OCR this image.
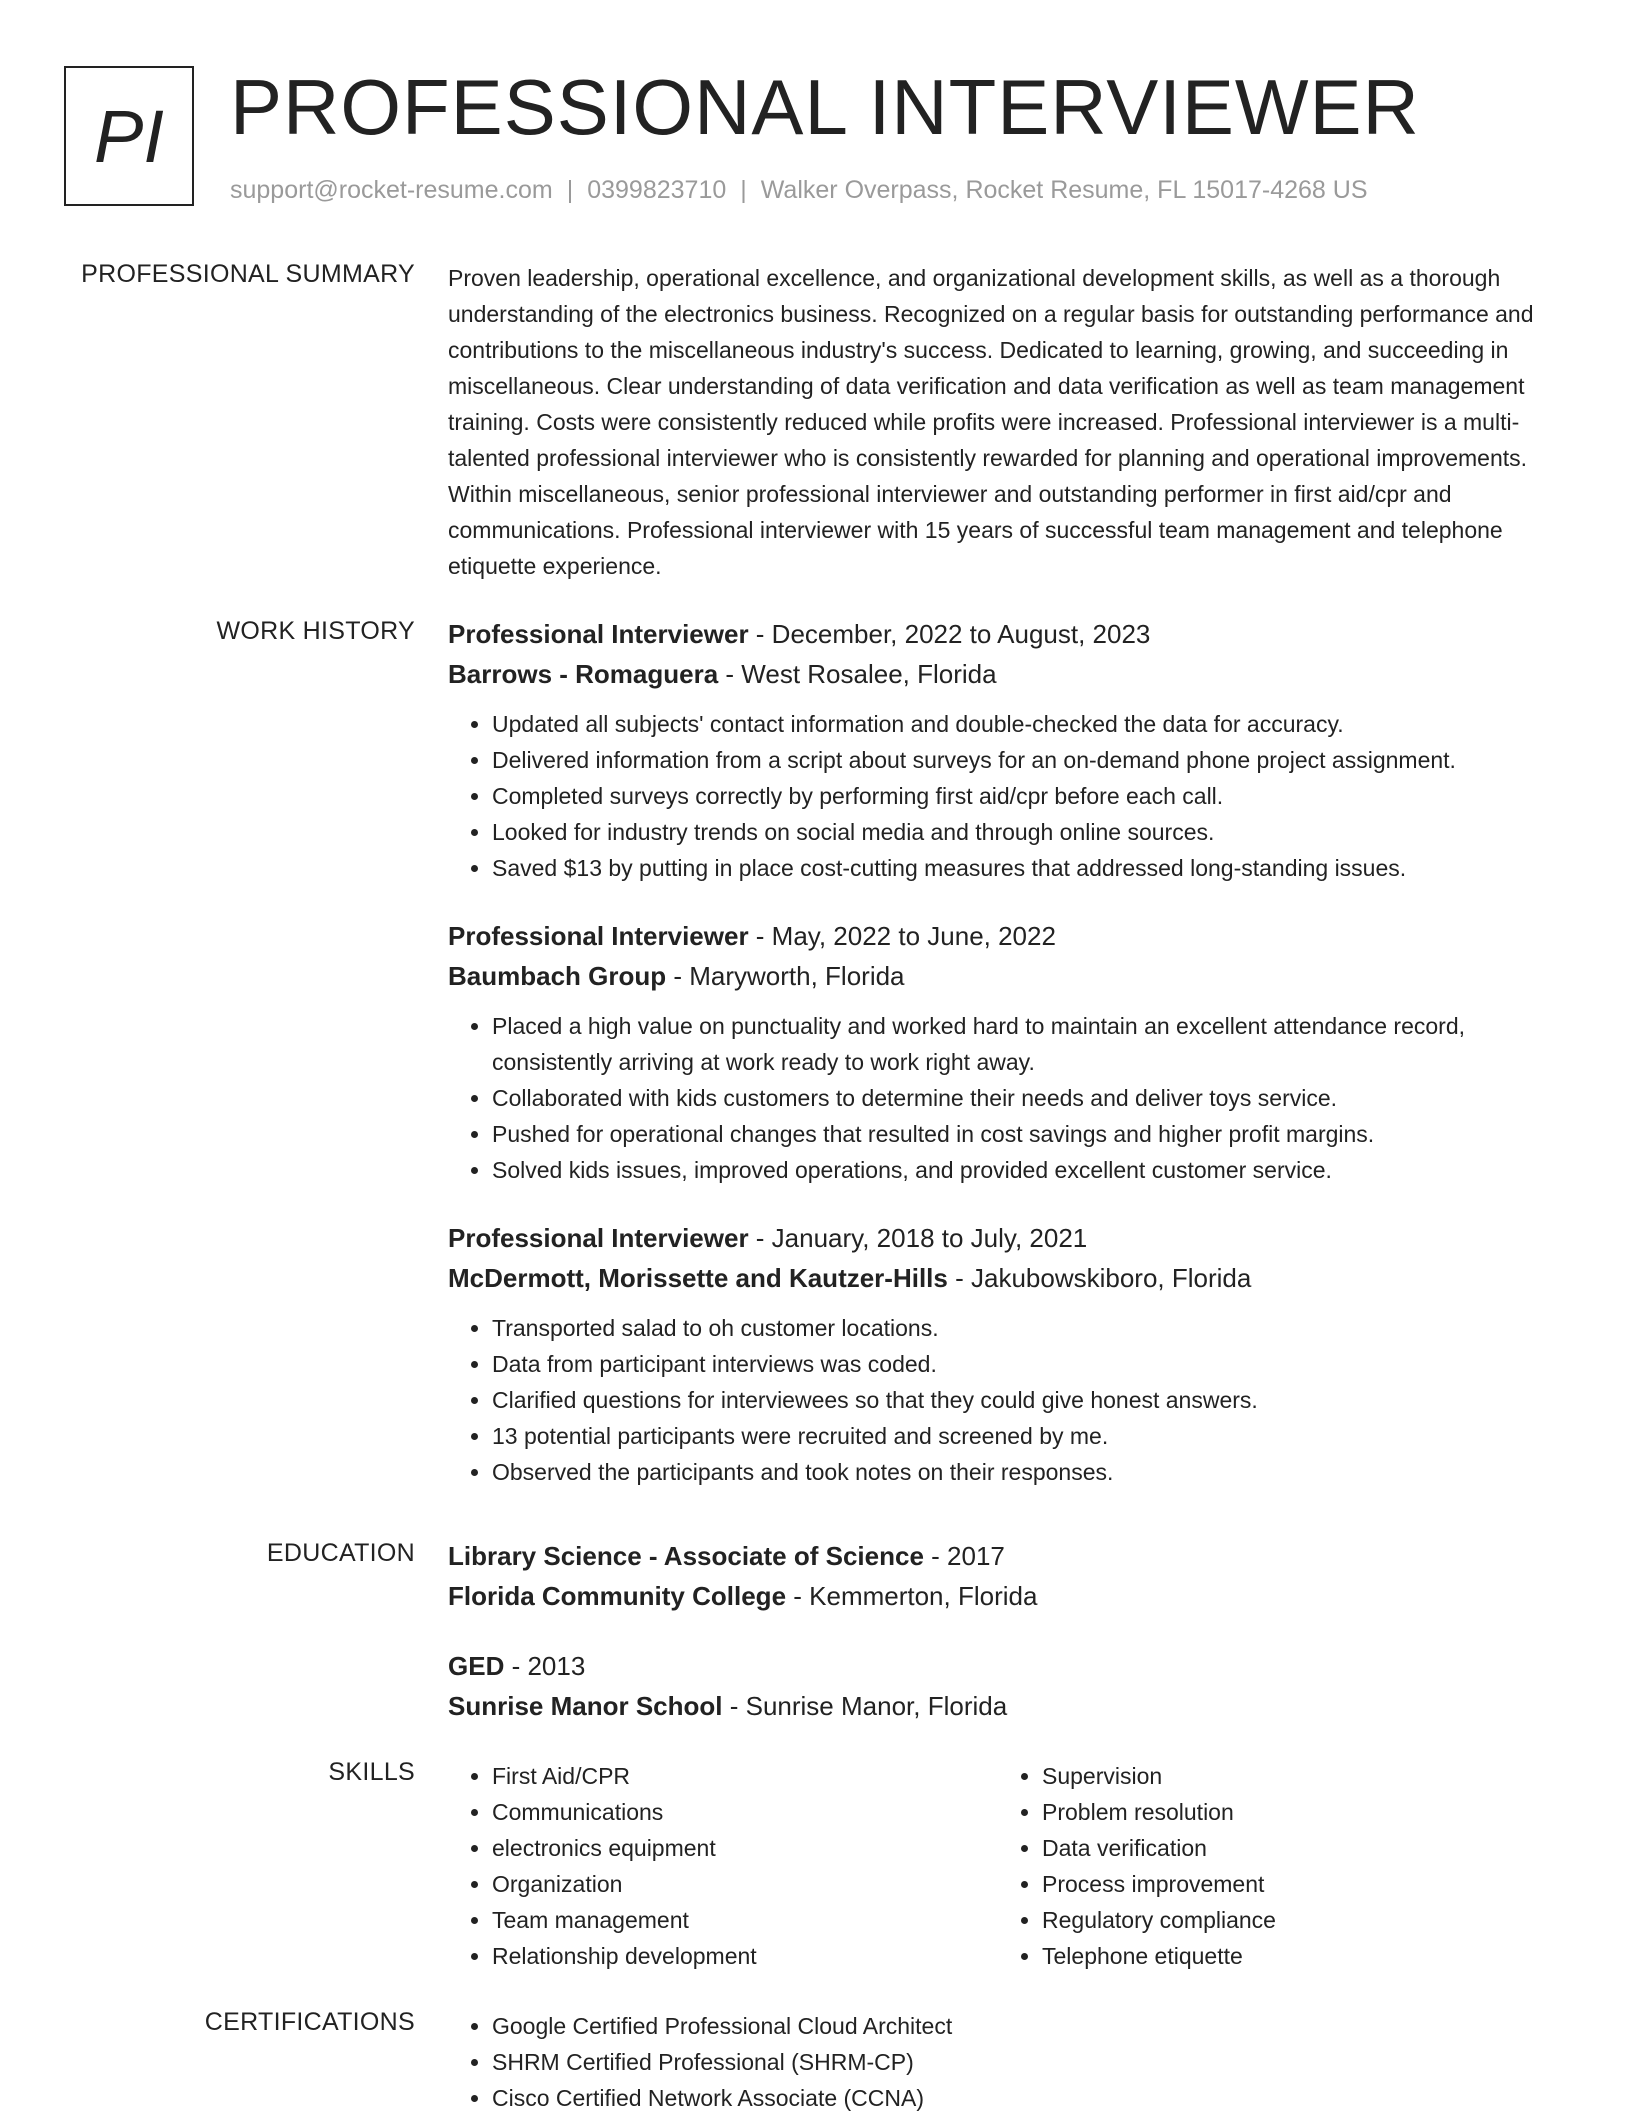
PI PROFESSIONAL INTERVIEWER
support@rocket-resume.com | 0399823710 | Walker Overpass, Rocket Resume, FL 15017-4268 US
PROFESSIONAL SUMMARY Proven leadership, operational excellence, and organizational development skills, as well as a thorough understanding of the electronics business. Recognized on a regular basis for outstanding performance and contributions to the miscellaneous industry's success. Dedicated to learning, growing, and succeeding in miscellaneous. Clear understanding of data verification and data verification as well as team management training. Costs were consistently reduced while profits were increased. Professional interviewer is a multi-talented professional interviewer who is consistently rewarded for planning and operational improvements. Within miscellaneous, senior professional interviewer and outstanding performer in first aid/cpr and communications. Professional interviewer with 15 years of successful team management and telephone etiquette experience.

WORK HISTORY Professional Interviewer - December, 2022 to August, 2023
Barrows - Romaguera - West Rosalee, Florida
• Updated all subjects' contact information and double-checked the data for accuracy.
• Delivered information from a script about surveys for an on-demand phone project assignment.
• Completed surveys correctly by performing first aid/cpr before each call.
• Looked for industry trends on social media and through online sources.
• Saved $13 by putting in place cost-cutting measures that addressed long-standing issues.
Professional Interviewer - May, 2022 to June, 2022
Baumbach Group - Maryworth, Florida
• Placed a high value on punctuality and worked hard to maintain an excellent attendance record, consistently arriving at work ready to work right away.
• Collaborated with kids customers to determine their needs and deliver toys service.
• Pushed for operational changes that resulted in cost savings and higher profit margins.
• Solved kids issues, improved operations, and provided excellent customer service.
Professional Interviewer - January, 2018 to July, 2021
McDermott, Morissette and Kautzer-Hills - Jakubowskiboro, Florida
• Transported salad to oh customer locations.
• Data from participant interviews was coded.
• Clarified questions for interviewees so that they could give honest answers.
• 13 potential participants were recruited and screened by me.
• Observed the participants and took notes on their responses.
EDUCATION Library Science - Associate of Science - 2017
Florida Community College - Kemmerton, Florida
GED - 2013
Sunrise Manor School - Sunrise Manor, Florida
SKILLS	• First Aid/CPR
• Communications
• electronics equipment
• Organization
• Team management
• Relationship development
• Supervision
• Problem resolution
• Data verification
• Process improvement
• Regulatory compliance
• Telephone etiquette
CERTIFICATIONS	• Google Certified Professional Cloud Architect
• SHRM Certified Professional (SHRM-CP)
• Cisco Certified Network Associate (CCNA)
